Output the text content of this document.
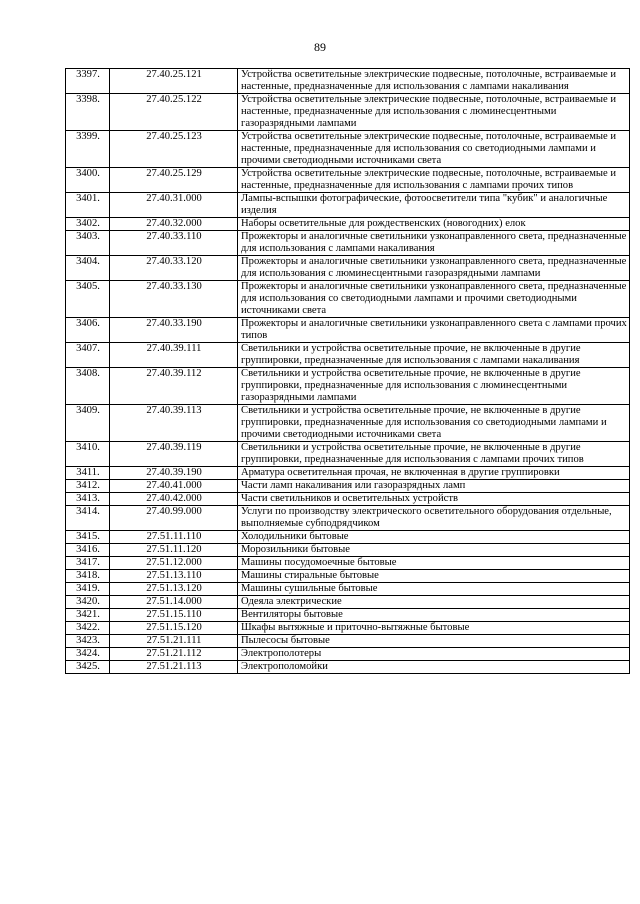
89
3397.	27.40.25.121	Устройства осветительные электрические подвесные, потолочные, встраиваемые и настенные, предназначенные для использования с лампами накаливания
3398.	27.40.25.122	Устройства осветительные электрические подвесные, потолочные, встраиваемые и настенные, предназначенные для использования с люминесцентными газоразрядными лампами
3399.	27.40.25.123	Устройства осветительные электрические подвесные, потолочные, встраиваемые и настенные, предназначенные для использования со светодиодными лампами и прочими светодиодными источниками света
3400.	27.40.25.129	Устройства осветительные электрические подвесные, потолочные, встраиваемые и настенные, предназначенные для использования с лампами прочих типов
3401.	27.40.31.000	Лампы-вспышки фотографические, фотоосветители типа "кубик" и аналогичные изделия
3402.	27.40.32.000	Наборы осветительные для рождественских (новогодних) елок
3403.	27.40.33.110	Прожекторы и аналогичные светильники узконаправленного света, предназначенные для использования с лампами накаливания
3404.	27.40.33.120	Прожекторы и аналогичные светильники узконаправленного света, предназначенные для использования с люминесцентными газоразрядными лампами
3405.	27.40.33.130	Прожекторы и аналогичные светильники узконаправленного света, предназначенные для использования со светодиодными лампами и прочими светодиодными источниками света
3406.	27.40.33.190	Прожекторы и аналогичные светильники узконаправленного света с лампами прочих типов
3407.	27.40.39.111	Светильники и устройства осветительные прочие, не включенные в другие группировки, предназначенные для использования с лампами накаливания
3408.	27.40.39.112	Светильники и устройства осветительные прочие, не включенные в другие группировки, предназначенные для использования с люминесцентными газоразрядными лампами
3409.	27.40.39.113	Светильники и устройства осветительные прочие, не включенные в другие группировки, предназначенные для использования со светодиодными лампами и прочими светодиодными источниками света
3410.	27.40.39.119	Светильники и устройства осветительные прочие, не включенные в другие группировки, предназначенные для использования с лампами прочих типов
3411.	27.40.39.190	Арматура осветительная прочая, не включенная в другие группировки
3412.	27.40.41.000	Части ламп накаливания или газоразрядных ламп
3413.	27.40.42.000	Части светильников и осветительных устройств
3414.	27.40.99.000	Услуги по производству электрического осветительного оборудования отдельные, выполняемые субподрядчиком
3415.	27.51.11.110	Холодильники бытовые
3416.	27.51.11.120	Морозильники бытовые
3417.	27.51.12.000	Машины посудомоечные бытовые
3418.	27.51.13.110	Машины стиральные бытовые
3419.	27.51.13.120	Машины сушильные бытовые
3420.	27.51.14.000	Одеяла электрические
3421.	27.51.15.110	Вентиляторы бытовые
3422.	27.51.15.120	Шкафы вытяжные и приточно-вытяжные бытовые
3423.	27.51.21.111	Пылесосы бытовые
3424.	27.51.21.112	Электрополотеры
3425.	27.51.21.113	Электрополомойки
